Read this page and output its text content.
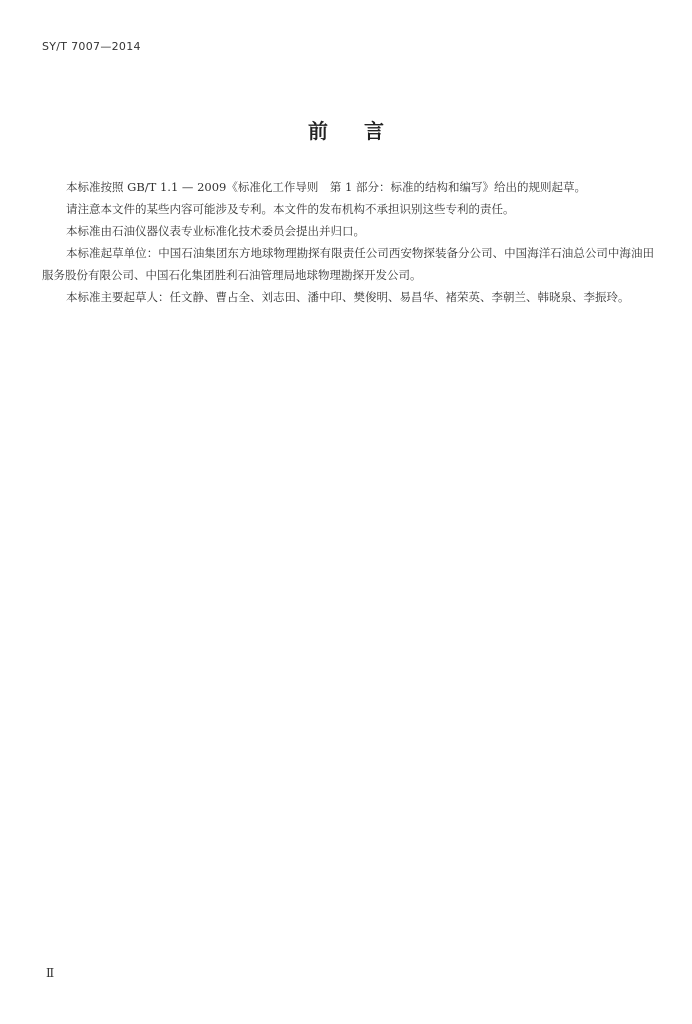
SY/T 7007—2014
前言

本标准按照 GB/T 1.1 — 2009《标准化工作导则　第 1 部分：标准的结构和编写》给出的规则起草。

请注意本文件的某些内容可能涉及专利。本文件的发布机构不承担识别这些专利的责任。

本标准由石油仪器仪表专业标准化技术委员会提出并归口。

本标准起草单位：中国石油集团东方地球物理勘探有限责任公司西安物探装备分公司、中国海洋石油总公司中海油田服务股份有限公司、中国石化集团胜利石油管理局地球物理勘探开发公司。

本标准主要起草人：任文静、曹占全、刘志田、潘中印、樊俊明、易昌华、褚荣英、李朝兰、韩晓泉、李振玲。

Ⅱ
